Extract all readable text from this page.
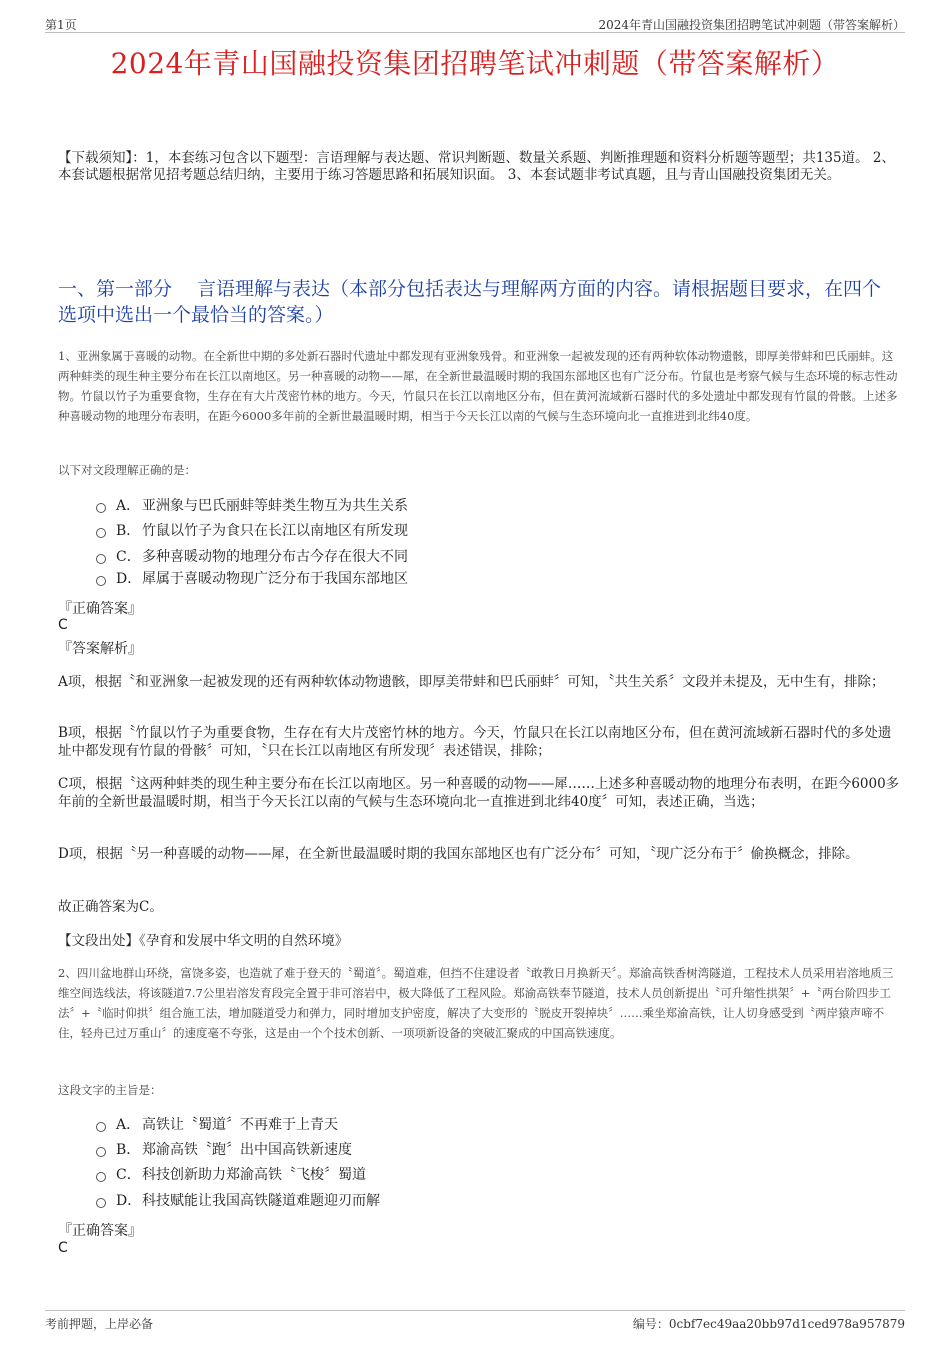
第1页	2024年青山国融投资集团招聘笔试冲刺题（带答案解析）
2024年青山国融投资集团招聘笔试冲刺题（带答案解析）
【下载须知】：1，本套练习包含以下题型：言语理解与表达题、常识判断题、数量关系题、判断推理题和资料分析题等题型；共135道。 2、本套试题根据常见招考题总结归纳，主要用于练习答题思路和拓展知识面。 3、本套试题非考试真题，且与青山国融投资集团无关。
一、第一部分　 言语理解与表达（本部分包括表达与理解两方面的内容。请根据题目要求，在四个选项中选出一个最恰当的答案。）
1、亚洲象属于喜暖的动物。在全新世中期的多处新石器时代遗址中都发现有亚洲象残骨。和亚洲象一起被发现的还有两种软体动物遗骸，即厚美带蚌和巴氏丽蚌。这两种蚌类的现生种主要分布在长江以南地区。另一种喜暖的动物——犀，在全新世最温暖时期的我国东部地区也有广泛分布。竹鼠也是考察气候与生态环境的标志性动物。竹鼠以竹子为重要食物，生存在有大片茂密竹林的地方。今天，竹鼠只在长江以南地区分布，但在黄河流域新石器时代的多处遗址中都发现有竹鼠的骨骸。上述多种喜暖动物的地理分布表明，在距今6000多年前的全新世最温暖时期，相当于今天长江以南的气候与生态环境向北一直推进到北纬40度。
以下对文段理解正确的是：
A． 亚洲象与巴氏丽蚌等蚌类生物互为共生关系
B． 竹鼠以竹子为食只在长江以南地区有所发现
C．多种喜暖动物的地理分布古今存在很大不同
D．犀属于喜暖动物现广泛分布于我国东部地区
『正确答案』
C
『答案解析』
A项，根据〝和亚洲象一起被发现的还有两种软体动物遗骸，即厚美带蚌和巴氏丽蚌〞可知，〝共生关系〞文段并未提及，无中生有，排除；
B项，根据〝竹鼠以竹子为重要食物，生存在有大片茂密竹林的地方。今天，竹鼠只在长江以南地区分布，但在黄河流域新石器时代的多处遗址中都发现有竹鼠的骨骸〞可知，〝只在长江以南地区有所发现〞表述错误，排除；
C项，根据〝这两种蚌类的现生种主要分布在长江以南地区。另一种喜暖的动物——犀……上述多种喜暖动物的地理分布表明，在距今6000多年前的全新世最温暖时期，相当于今天长江以南的气候与生态环境向北一直推进到北纬40度〞可知，表述正确，当选；
D项，根据〝另一种喜暖的动物——犀，在全新世最温暖时期的我国东部地区也有广泛分布〞可知，〝现广泛分布于〞偷换概念，排除。
故正确答案为C。
【文段出处】《孕育和发展中华文明的自然环境》
2、四川盆地群山环绕，富饶多姿，也造就了难于登天的〝蜀道〞。蜀道难，但挡不住建设者〝敢教日月换新天〞。郑渝高铁香树湾隧道，工程技术人员采用岩溶地质三维空间选线法，将该隧道7.7公里岩溶发育段完全置于非可溶岩中，极大降低了工程风险。郑渝高铁奉节隧道，技术人员创新提出〝可升缩性拱架〞+〝两台阶四步工法〞+〝临时仰拱〞组合施工法，增加隧道受力和弹力，同时增加支护密度，解决了大变形的〝脱皮开裂掉块〞……乘坐郑渝高铁，让人切身感受到〝两岸猿声啼不住，轻舟已过万重山〞的速度毫不夸张，这是由一个个技术创新、一项项新设备的突破汇聚成的中国高铁速度。
这段文字的主旨是：
A． 高铁让〝蜀道〞不再难于上青天
B． 郑渝高铁〝跑〞出中国高铁新速度
C．科技创新助力郑渝高铁〝飞梭〞蜀道
D．科技赋能让我国高铁隧道难题迎刃而解
『正确答案』
C
考前押题，上岸必备	编号：0cbf7ec49aa20bb97d1ced978a957879
